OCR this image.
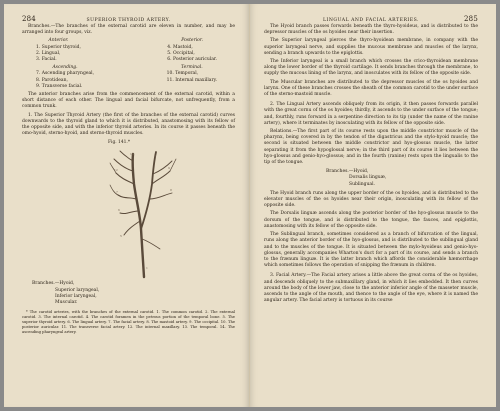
284	SUPERIOR THYROID ARTERY.

Branches.—The branches of the external carotid are eleven in number, and may be arranged into four groups, viz.

Anterior.
1. Superior thyroid,
2. Lingual,
3. Facial.
Posterior.
4. Mastoid,
5. Occipital,
6. Posterior auricular.
Ascending.
7. Ascending pharyngeal,
8. Parotidean,
9. Transverse facial.
Terminal.
10. Temporal,
11. Internal maxillary.

The anterior branches arise from the commencement of the external carotid, within a short distance of each other. The lingual and facial bifurcate, not unfrequently, from a common trunk.

1. The Superior Thyroid Artery (the first of the branches of the external carotid) curves downwards to the thyroid gland to which it is distributed, anastomosing with its fellow of the opposite side, and with the inferior thyroid arteries. In its course it passes beneath the omo-hyoid, sterno-hyoid, and sterno-thyroid muscles.

Fig. 141.*
1
3
13
12
7
6
5
9
8
Branches.—Hyoid,
Superior laryngeal,
Inferior laryngeal,
Muscular.

* The carotid arteries, with the branches of the external carotid. 1. The common carotid. 2. The external carotid. 3. The internal carotid. 4. The carotid foramen in the petrous portion of the temporal bone. 5. The superior thyroid artery. 6. The lingual artery. 7. The facial artery. 8. The mastoid artery. 9. The occipital. 10. The posterior auricular. 11. The transverse facial artery. 12. The internal maxillary. 13. The temporal. 14. The ascending pharyngeal artery.

LINGUAL AND FACIAL ARTERIES.	285

The Hyoid branch passes forwards beneath the thyro-hyoideus, and is distributed to the depressor muscles of the os hyoides near their insertion.

The Superior laryngeal pierces the thyro-hyoidean membrane, in company with the superior laryngeal nerve, and supplies the mucous membrane and muscles of the larynx, sending a branch upwards to the epiglottis.

The Inferior laryngeal is a small branch which crosses the crico-thyroidean membrane along the lower border of the thyroid cartilage. It sends branches through the membrane, to supply the mucous lining of the larynx, and inosculates with its fellow of the opposite side.

The Muscular branches are distributed to the depressor muscles of the os hyoides and larynx. One of these branches crosses the sheath of the common carotid to the under surface of the sterno-mastoid muscle.

2. The Lingual Artery ascends obliquely from its origin, it then passes forwards parallel with the great cornu of the os hyoides; thirdly, it ascends to the under surface of the tongue; and, fourthly, runs forward in a serpentine direction to its tip (under the name of the ranine artery), where it terminates by inosculating with its fellow of the opposite side.

Relations.—The first part of its course rests upon the middle constrictor muscle of the pharynx, being covered in by the tendon of the digastricus and the stylo-hyoid muscle; the second is situated between the middle constrictor and hyo-glossus muscle, the latter separating it from the hypoglossal nerve; in the third part of its course it lies between the hyo-glossus and genio-hyo-glossus; and in the fourth (ranine) rests upon the lingualis to the tip of the tongue.

Branches.—Hyoid,
Dorsalis linguæ,
Sublingual.

The Hyoid branch runs along the upper border of the os hyoides, and is distributed to the elevator muscles of the os hyoides near their origin, inosculating with its fellow of the opposite side.

The Dorsalis linguæ ascends along the posterior border of the hyo-glossus muscle to the dorsum of the tongue, and is distributed to the tongue, the fauces, and epiglottis, anastomosing with its fellow of the opposite side.

The Sublingual branch, sometimes considered as a branch of bifurcation of the lingual, runs along the anterior border of the hyo-glossus, and is distributed to the sublingual gland and to the muscles of the tongue. It is situated between the mylo-hyoideus and genio-hyo-glossus, generally accompanies Wharton's duct for a part of its course, and sends a branch to the frænum linguæ. It is the latter branch which affords the considerable hæmorrhage which sometimes follows the operation of snipping the frænum in children.

3. Facial Artery.—The Facial artery arises a little above the great cornu of the os hyoides, and descends obliquely to the submaxillary gland, in which it lies embedded. It then curves around the body of the lower jaw, close to the anterior inferior angle of the masseter muscle, ascends to the angle of the mouth, and thence to the angle of the eye, where it is named the angular artery. The facial artery is tortuous in its course
